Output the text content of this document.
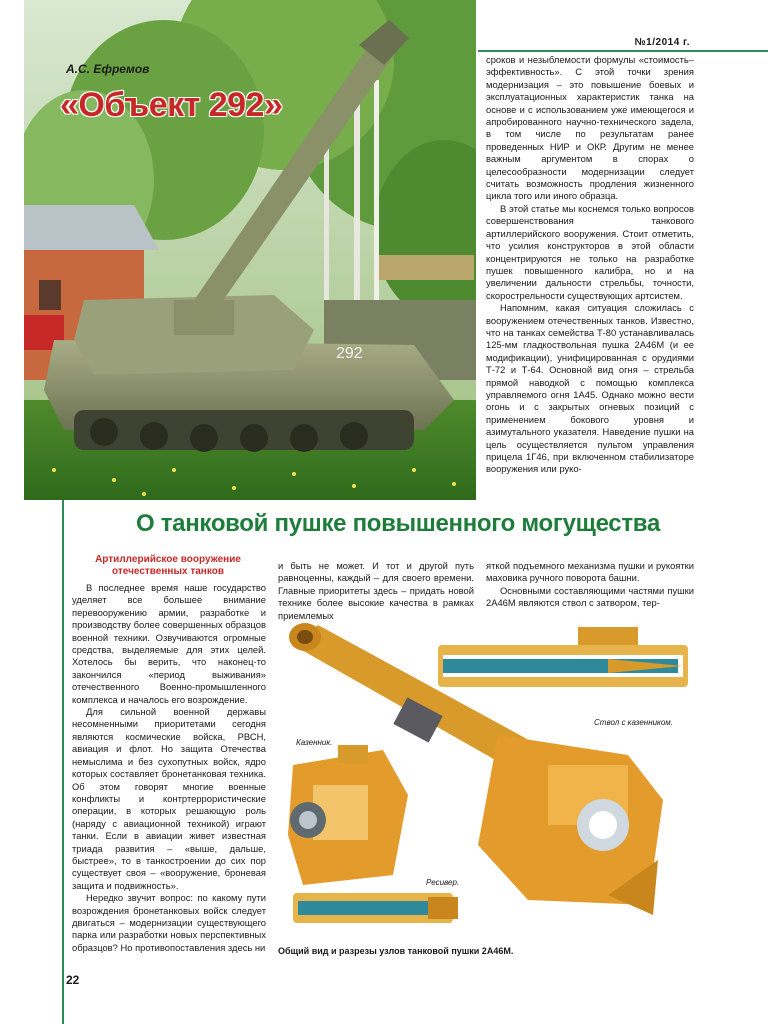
№1/2014 г.
292
А.С. Ефремов
«Объект 292»

сроков и незыблемости формулы «стоимость–эффективность». С этой точки зрения модернизация – это повышение боевых и эксплуатационных характеристик танка на основе и с использованием уже имеющегося и апробированного научно-технического задела, в том числе по результатам ранее проведенных НИР и ОКР. Другим не менее важным аргументом в спорах о целесообразности модернизации следует считать возможность продления жизненного цикла того или иного образца.

В этой статье мы коснемся только вопросов совершенствования танкового артиллерийского вооружения. Стоит отметить, что усилия конструкторов в этой области концентрируются не только на разработке пушек повышенного калибра, но и на увеличении дальности стрельбы, точности, скорострельности существующих артсистем.

Напомним, какая ситуация сложилась с вооружением отечественных танков. Известно, что на танках семейства Т-80 устанавливалась 125-мм гладкоствольная пушка 2А46М (и ее модификации), унифицированная с орудиями Т-72 и Т-64. Основной вид огня – стрельба прямой наводкой с помощью комплекса управляемого огня 1А45. Однако можно вести огонь и с закрытых огневых позиций с применением бокового уровня и азимутального указателя. Наведение пушки на цель осуществляется пультом управления прицела 1Г46, при включенном стабилизаторе вооружения или руко-

О танковой пушке повышенного могущества
Артиллерийское вооружение
отечественных танков

В последнее время наше государство уделяет все большее внимание перевооружению армии, разработке и производству более совершенных образцов военной техники. Озвучиваются огромные средства, выделяемые для этих целей. Хотелось бы верить, что наконец-то закончился «период выживания» отечественного Военно-промышленного комплекса и началось его возрождение.

Для сильной военной державы несомненными приоритетами сегодня являются космические войска, РВСН, авиация и флот. Но защита Отечества немыслима и без сухопутных войск, ядро которых составляет бронетанковая техника. Об этом говорят многие военные конфликты и контртеррористические операции, в которых решающую роль (наряду с авиационной техникой) играют танки. Если в авиации живет известная триада развития – «выше, дальше, быстрее», то в танкостроении до сих пор существует своя – «вооружение, броневая защита и подвижность».

Нередко звучит вопрос: по какому пути возрождения бронетанковых войск следует двигаться – модернизации существующего парка или разработки новых перспективных образцов? Но противопоставления здесь ни

и быть не может. И тот и другой путь равноценны, каждый – для своего времени. Главные приоритеты здесь – придать новой технике более высокие качества в рамках приемлемых

яткой подъемного механизма пушки и рукоятки маховика ручного поворота башни.

Основными составляющими частями пушки 2А46М являются ствол с затвором, тер-

Ствол с казенником.
Казенник.
Ресивер.
Общий вид и разрезы узлов танковой пушки 2А46М.
22
